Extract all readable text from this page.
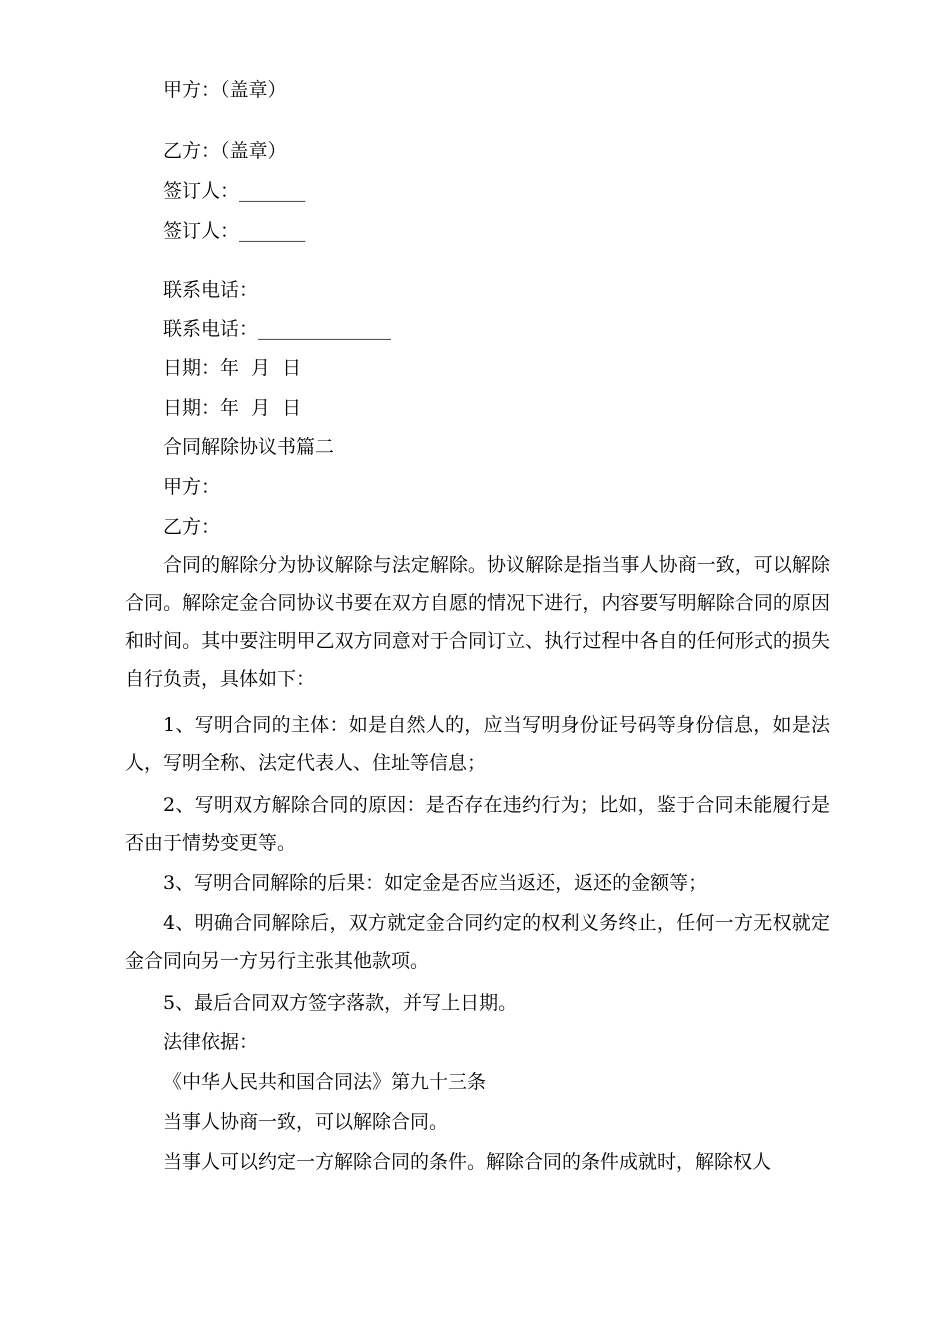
甲方：（盖章）

乙方：（盖章）

签订人：_______

签订人：_______

联系电话：

联系电话：______________

日期：年  月  日

日期：年  月  日

合同解除协议书篇二

甲方：

乙方：

合同的解除分为协议解除与法定解除。协议解除是指当事人协商一致，可以解除合同。解除定金合同协议书要在双方自愿的情况下进行，内容要写明解除合同的原因和时间。其中要注明甲乙双方同意对于合同订立、执行过程中各自的任何形式的损失自行负责，具体如下：

1、写明合同的主体：如是自然人的，应当写明身份证号码等身份信息，如是法人，写明全称、法定代表人、住址等信息；

2、写明双方解除合同的原因：是否存在违约行为；比如，鉴于合同未能履行是否由于情势变更等。

3、写明合同解除的后果：如定金是否应当返还，返还的金额等；

4、明确合同解除后，双方就定金合同约定的权利义务终止，任何一方无权就定金合同向另一方另行主张其他款项。

5、最后合同双方签字落款，并写上日期。

法律依据：

《中华人民共和国合同法》第九十三条

当事人协商一致，可以解除合同。

当事人可以约定一方解除合同的条件。解除合同的条件成就时，解除权人
